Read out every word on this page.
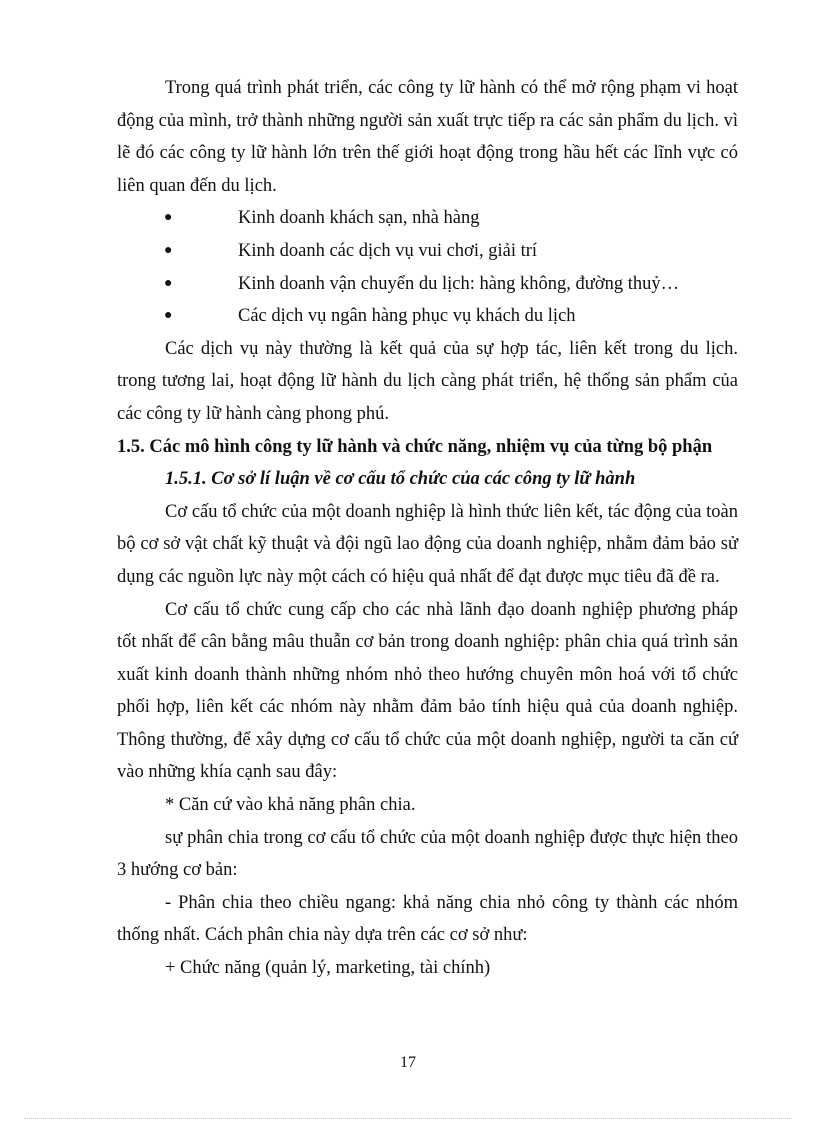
Trong quá trình phát triển, các công ty lữ hành có thể mở rộng phạm vi hoạt động của mình, trở thành những người sản xuất trực tiếp ra các sản phẩm du lịch. vì lẽ đó các công ty lữ hành lớn trên thế giới hoạt động trong hầu hết các lĩnh vực có liên quan đến du lịch.

●	Kinh doanh khách sạn, nhà hàng
●	Kinh doanh các dịch vụ vui chơi, giải trí
●	Kinh doanh vận chuyển du lịch: hàng không, đường thuỷ…
●	Các dịch vụ ngân hàng phục vụ khách du lịch

Các dịch vụ này thường là kết quả của sự hợp tác, liên kết trong du lịch. trong tương lai, hoạt động lữ hành du lịch càng phát triển, hệ thống sản phẩm của các công ty lữ hành càng phong phú.

1.5. Các mô hình công ty lữ hành và chức năng, nhiệm vụ của từng bộ phận

1.5.1. Cơ sở lí luận về cơ cấu tổ chức của các công ty lữ hành

Cơ cấu tổ chức của một doanh nghiệp là hình thức liên kết, tác động của toàn bộ cơ sở vật chất kỹ thuật và đội ngũ lao động của doanh nghiệp, nhằm đảm bảo sử dụng các nguồn lực này một cách có hiệu quả nhất để đạt được mục tiêu đã đề ra.

Cơ cấu tổ chức cung cấp cho các nhà lãnh đạo doanh nghiệp phương pháp tốt nhất để cân bằng mâu thuẫn cơ bản trong doanh nghiệp: phân chia quá trình sản xuất kinh doanh thành những nhóm nhỏ theo hướng chuyên môn hoá với tổ chức phối hợp, liên kết các nhóm này nhằm đảm bảo tính hiệu quả của doanh nghiệp. Thông thường, để xây dựng cơ cấu tổ chức của một doanh nghiệp, người ta căn cứ vào những khía cạnh sau đây:

* Căn cứ vào khả năng phân chia.

sự phân chia trong cơ cấu tổ chức của một doanh nghiệp được thực hiện theo 3 hướng cơ bản:

- Phân chia theo chiều ngang: khả năng chia nhỏ công ty thành các nhóm thống nhất. Cách phân chia này dựa trên các cơ sở như:

+ Chức năng (quản lý, marketing, tài chính)

17
